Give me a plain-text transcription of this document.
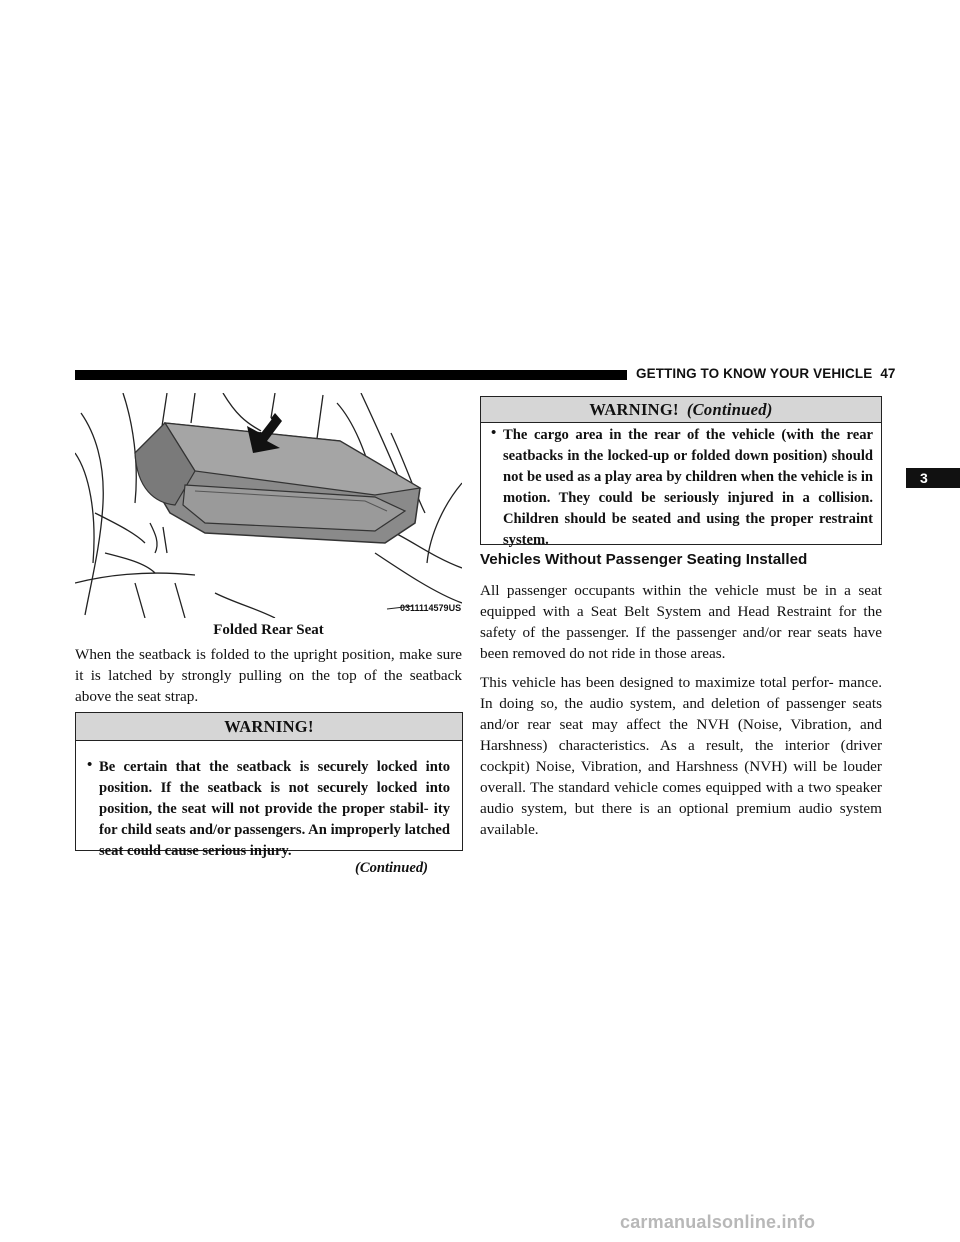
GETTING TO KNOW YOUR VEHICLE 47
3
0311114579US
Folded Rear Seat

When the seatback is folded to the upright position, make sure it is latched by strongly pulling on the top of the seatback above the seat strap.

WARNING!
• Be certain that the seatback is securely locked into position. If the seatback is not securely locked into position, the seat will not provide the proper stabil- ity for child seats and/or passengers. An improperly latched seat could cause serious injury.
(Continued)
WARNING! (Continued)
• The cargo area in the rear of the vehicle (with the rear seatbacks in the locked-up or folded down position) should not be used as a play area by children when the vehicle is in motion. They could be seriously injured in a collision. Children should be seated and using the proper restraint system.
Vehicles Without Passenger Seating Installed

All passenger occupants within the vehicle must be in a seat equipped with a Seat Belt System and Head Restraint for the safety of the passenger. If the passenger and/or rear seats have been removed do not ride in those areas.

This vehicle has been designed to maximize total perfor- mance. In doing so, the audio system, and deletion of passenger seats and/or rear seat may affect the NVH (Noise, Vibration, and Harshness) characteristics. As a result, the interior (driver cockpit) Noise, Vibration, and Harshness (NVH) will be louder overall. The standard vehicle comes equipped with a two speaker audio system, but there is an optional premium audio system available.

carmanualsonline.info
